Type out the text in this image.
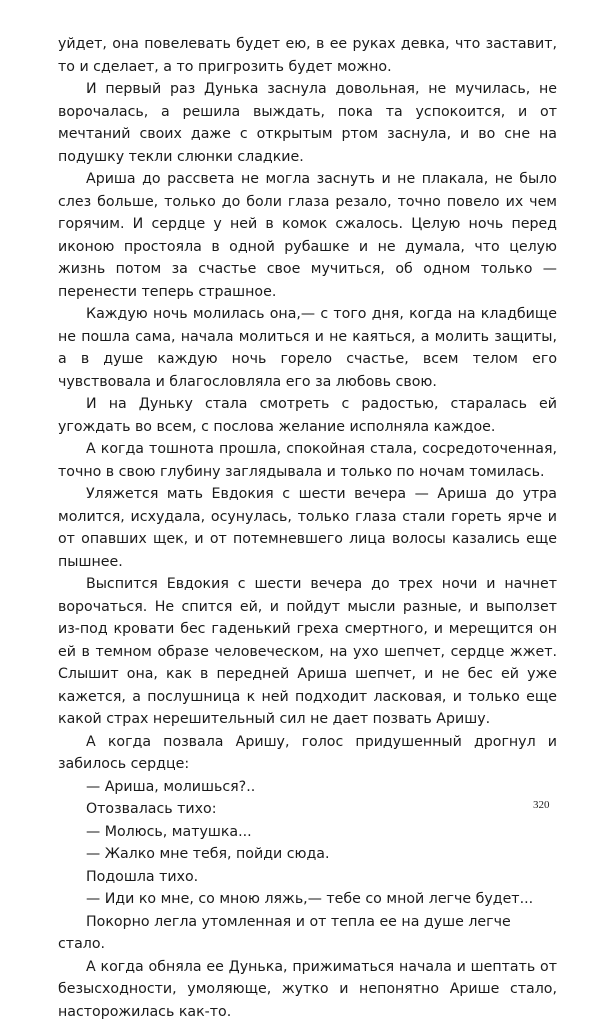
уйдет, она повелевать будет ею, в ее руках девка, что заставит, то и сделает, а то пригрозить будет можно.

И первый раз Дунька заснула довольная, не мучилась, не ворочалась, а решила выждать, пока та успокоится, и от мечтаний своих даже с открытым ртом заснула, и во сне на подушку текли слюнки сладкие.

Ариша до рассвета не могла заснуть и не плакала, не было слез больше, только до боли глаза резало, точно повело их чем горячим. И сердце у ней в комок сжалось. Целую ночь перед иконою простояла в одной рубашке и не думала, что целую жизнь потом за счастье свое мучиться, об одном только — перенести теперь страшное.

Каждую ночь молилась она,— с того дня, когда на кладбище не пошла сама, начала молиться и не каяться, а молить защиты, а в душе каждую ночь горело счастье, всем телом его чувствовала и благословляла его за любовь свою.

И на Дуньку стала смотреть с радостью, старалась ей угождать во всем, с послова желание исполняла каждое.

А когда тошнота прошла, спокойная стала, сосредоточенная, точно в свою глубину заглядывала и только по ночам томилась.

Уляжется мать Евдокия с шести вечера — Ариша до утра молится, исхудала, осунулась, только глаза стали гореть ярче и от опавших щек, и от потемневшего лица волосы казались еще пышнее.

Выспится Евдокия с шести вечера до трех ночи и начнет ворочаться. Не спится ей, и пойдут мысли разные, и выползет из-под кровати бес гаденький греха смертного, и мерещится он ей в темном образе человеческом, на ухо шепчет, сердце жжет. Слышит она, как в передней Ариша шепчет, и не бес ей уже кажется, а послушница к ней подходит ласковая, и только еще какой страх нерешительный сил не дает позвать Аришу.

А когда позвала Аришу, голос придушенный дрогнул и забилось сердце:

— Ариша, молишься?..

Отозвалась тихо:

— Молюсь, матушка...

— Жалко мне тебя, пойди сюда.

Подошла тихо.

— Иди ко мне, со мною ляжь,— тебе со мной легче будет...

Покорно легла утомленная и от тепла ее на душе легче стало.

А когда обняла ее Дунька, прижиматься начала и шептать от безысходности, умоляюще, жутко и непонятно Арише стало, насторожилась как-то.

320
